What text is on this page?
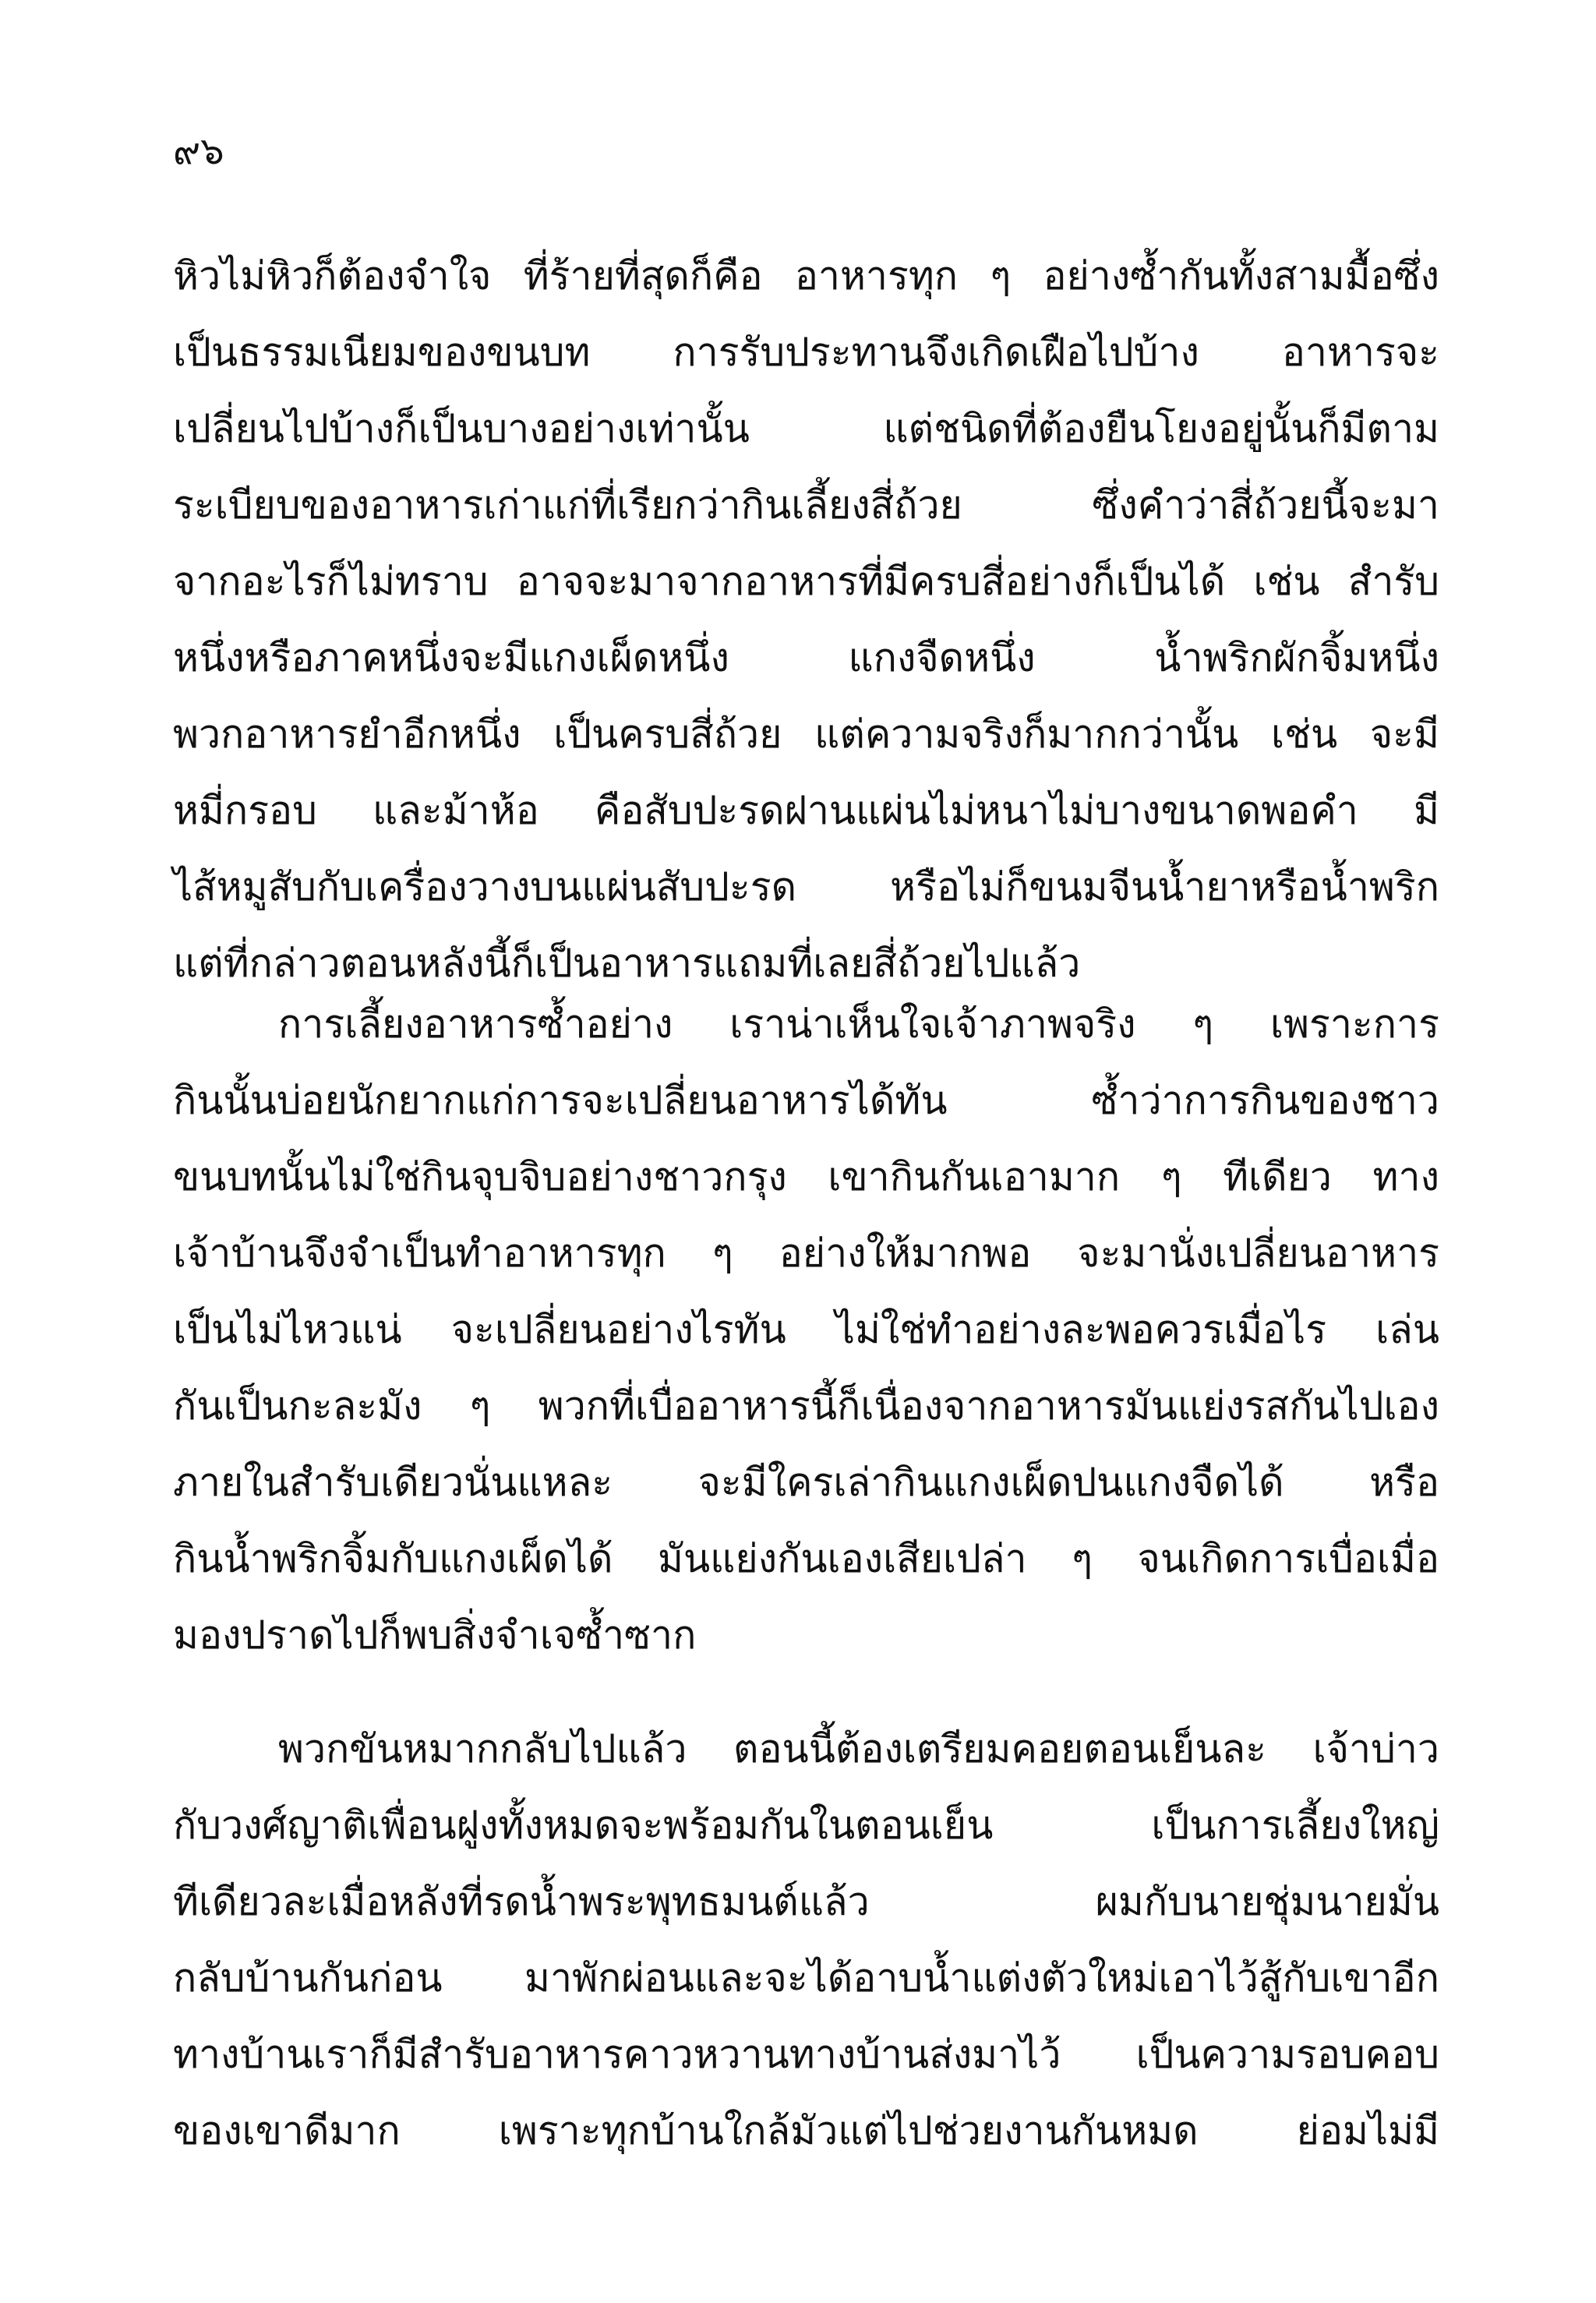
๙๖
หิวไม่หิวก็ต้องจำใจ ที่ร้ายที่สุดก็คือ อาหารทุก ๆ อย่างซ้ำกันทั้งสามมื้อซึ่ง
เป็นธรรมเนียมของขนบท การรับประทานจึงเกิดเฝือไปบ้าง อาหารจะ
เปลี่ยนไปบ้างก็เป็นบางอย่างเท่านั้น แต่ชนิดที่ต้องยืนโยงอยู่นั้นก็มีตาม
ระเบียบของอาหารเก่าแก่ที่เรียกว่ากินเลี้ยงสี่ถ้วย ซึ่งคำว่าสี่ถ้วยนี้จะมา
จากอะไรก็ไม่ทราบ อาจจะมาจากอาหารที่มีครบสี่อย่างก็เป็นได้ เช่น สำรับ
หนึ่งหรือภาคหนึ่งจะมีแกงเผ็ดหนึ่ง แกงจืดหนึ่ง น้ำพริกผักจิ้มหนึ่ง
พวกอาหารยำอีกหนึ่ง เป็นครบสี่ถ้วย แต่ความจริงก็มากกว่านั้น เช่น จะมี
หมี่กรอบ และม้าห้อ คือสับปะรดฝานแผ่นไม่หนาไม่บางขนาดพอคำ มี
ไส้หมูสับกับเครื่องวางบนแผ่นสับปะรด หรือไม่ก็ขนมจีนน้ำยาหรือน้ำพริก
แต่ที่กล่าวตอนหลังนี้ก็เป็นอาหารแถมที่เลยสี่ถ้วยไปแล้ว
การเลี้ยงอาหารซ้ำอย่าง เราน่าเห็นใจเจ้าภาพจริง ๆ เพราะการ
กินนั้นบ่อยนักยากแก่การจะเปลี่ยนอาหารได้ทัน ซ้ำว่าการกินของชาว
ขนบทนั้นไม่ใช่กินจุบจิบอย่างชาวกรุง เขากินกันเอามาก ๆ ทีเดียว ทาง
เจ้าบ้านจึงจำเป็นทำอาหารทุก ๆ อย่างให้มากพอ จะมานั่งเปลี่ยนอาหาร
เป็นไม่ไหวแน่ จะเปลี่ยนอย่างไรทัน ไม่ใช่ทำอย่างละพอควรเมื่อไร เล่น
กันเป็นกะละมัง ๆ พวกที่เบื่ออาหารนี้ก็เนื่องจากอาหารมันแย่งรสกันไปเอง
ภายในสำรับเดียวนั่นแหละ จะมีใครเล่ากินแกงเผ็ดปนแกงจืดได้ หรือ
กินน้ำพริกจิ้มกับแกงเผ็ดได้ มันแย่งกันเองเสียเปล่า ๆ จนเกิดการเบื่อเมื่อ
มองปราดไปก็พบสิ่งจำเจซ้ำซาก
พวกขันหมากกลับไปแล้ว ตอนนี้ต้องเตรียมคอยตอนเย็นละ เจ้าบ่าว
กับวงศ์ญาติเพื่อนฝูงทั้งหมดจะพร้อมกันในตอนเย็น เป็นการเลี้ยงใหญ่
ทีเดียวละเมื่อหลังที่รดน้ำพระพุทธมนต์แล้ว ผมกับนายชุ่มนายมั่น
กลับบ้านกันก่อน มาพักผ่อนและจะได้อาบน้ำแต่งตัวใหม่เอาไว้สู้กับเขาอีก
ทางบ้านเราก็มีสำรับอาหารคาวหวานทางบ้านส่งมาไว้ เป็นความรอบคอบ
ของเขาดีมาก เพราะทุกบ้านใกล้มัวแต่ไปช่วยงานกันหมด ย่อมไม่มี
